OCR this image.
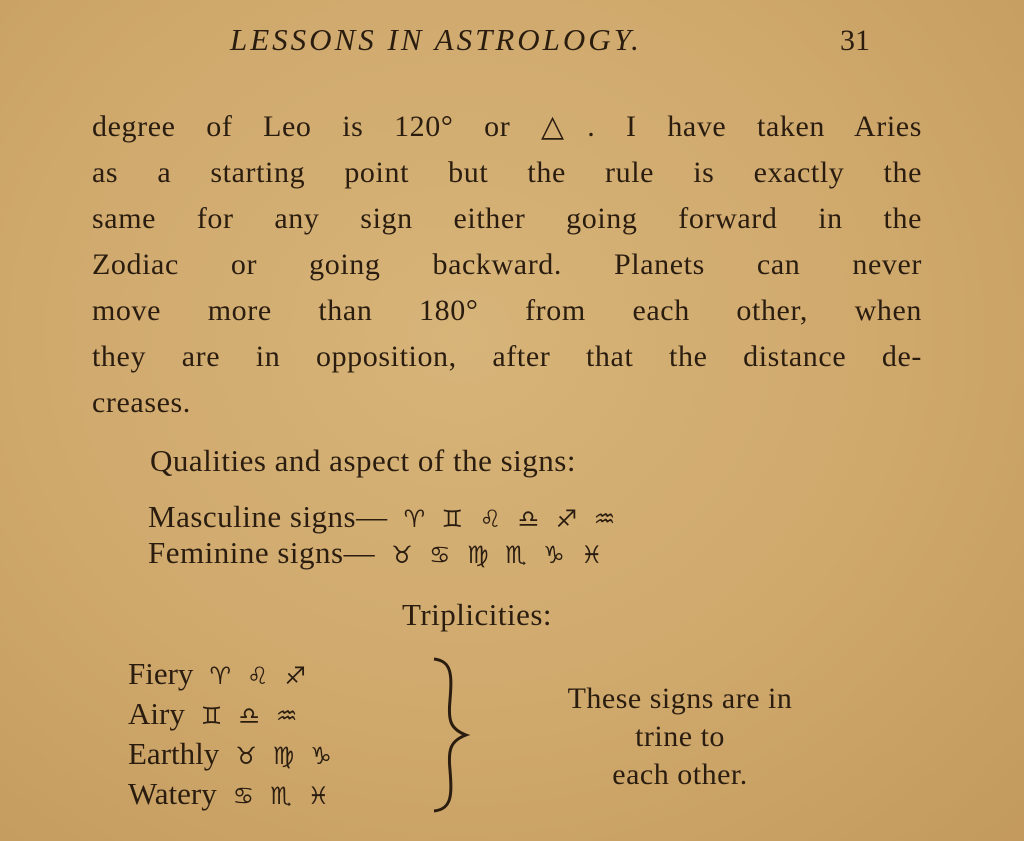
LESSONS IN ASTROLOGY.	31
degree of Leo is 120° or △. I have taken Aries
as a starting point but the rule is exactly the
same for any sign either going forward in the
Zodiac or going backward. Planets can never
move more than 180° from each other, when
they are in opposition, after that the distance de-
creases.
Qualities and aspect of the signs:
Masculine signs— ♈ ♊ ♌ ♎ ♐ ♒
Feminine signs— ♉ ♋ ♍ ♏ ♑ ♓
Triplicities:
Fiery ♈ ♌ ♐
Airy ♊ ♎ ♒
Earthly ♉ ♍ ♑
Watery ♋ ♏ ♓
These signs are in
trine to
each other.
